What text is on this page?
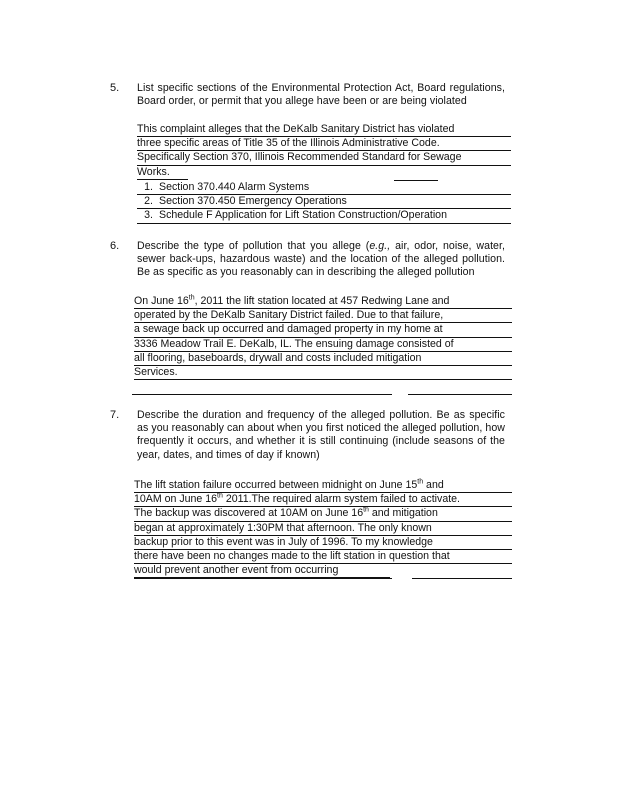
5. List specific sections of the Environmental Protection Act, Board regulations, Board order, or permit that you allege have been or are being violated
This complaint alleges that the DeKalb Sanitary District has violated
three specific areas of Title 35 of the Illinois Administrative Code.
Specifically Section 370, Illinois Recommended Standard for Sewage
Works.
1. Section 370.440 Alarm Systems
2. Section 370.450 Emergency Operations
3. Schedule F Application for Lift Station Construction/Operation
6. Describe the type of pollution that you allege (e.g., air, odor, noise, water, sewer back-ups, hazardous waste) and the location of the alleged pollution. Be as specific as you reasonably can in describing the alleged pollution
On June 16th, 2011 the lift station located at 457 Redwing Lane and
operated by the DeKalb Sanitary District failed. Due to that failure,
a sewage back up occurred and damaged property in my home at
3336 Meadow Trail E. DeKalb, IL. The ensuing damage consisted of
all flooring, baseboards, drywall and costs included mitigation
Services.
7. Describe the duration and frequency of the alleged pollution. Be as specific as you reasonably can about when you first noticed the alleged pollution, how frequently it occurs, and whether it is still continuing (include seasons of the year, dates, and times of day if known)
The lift station failure occurred between midnight on June 15th and
10AM on June 16th 2011.The required alarm system failed to activate.
The backup was discovered at 10AM on June 16th and mitigation
began at approximately 1:30PM that afternoon. The only known
backup prior to this event was in July of 1996. To my knowledge
there have been no changes made to the lift station in question that
would prevent another event from occurring
